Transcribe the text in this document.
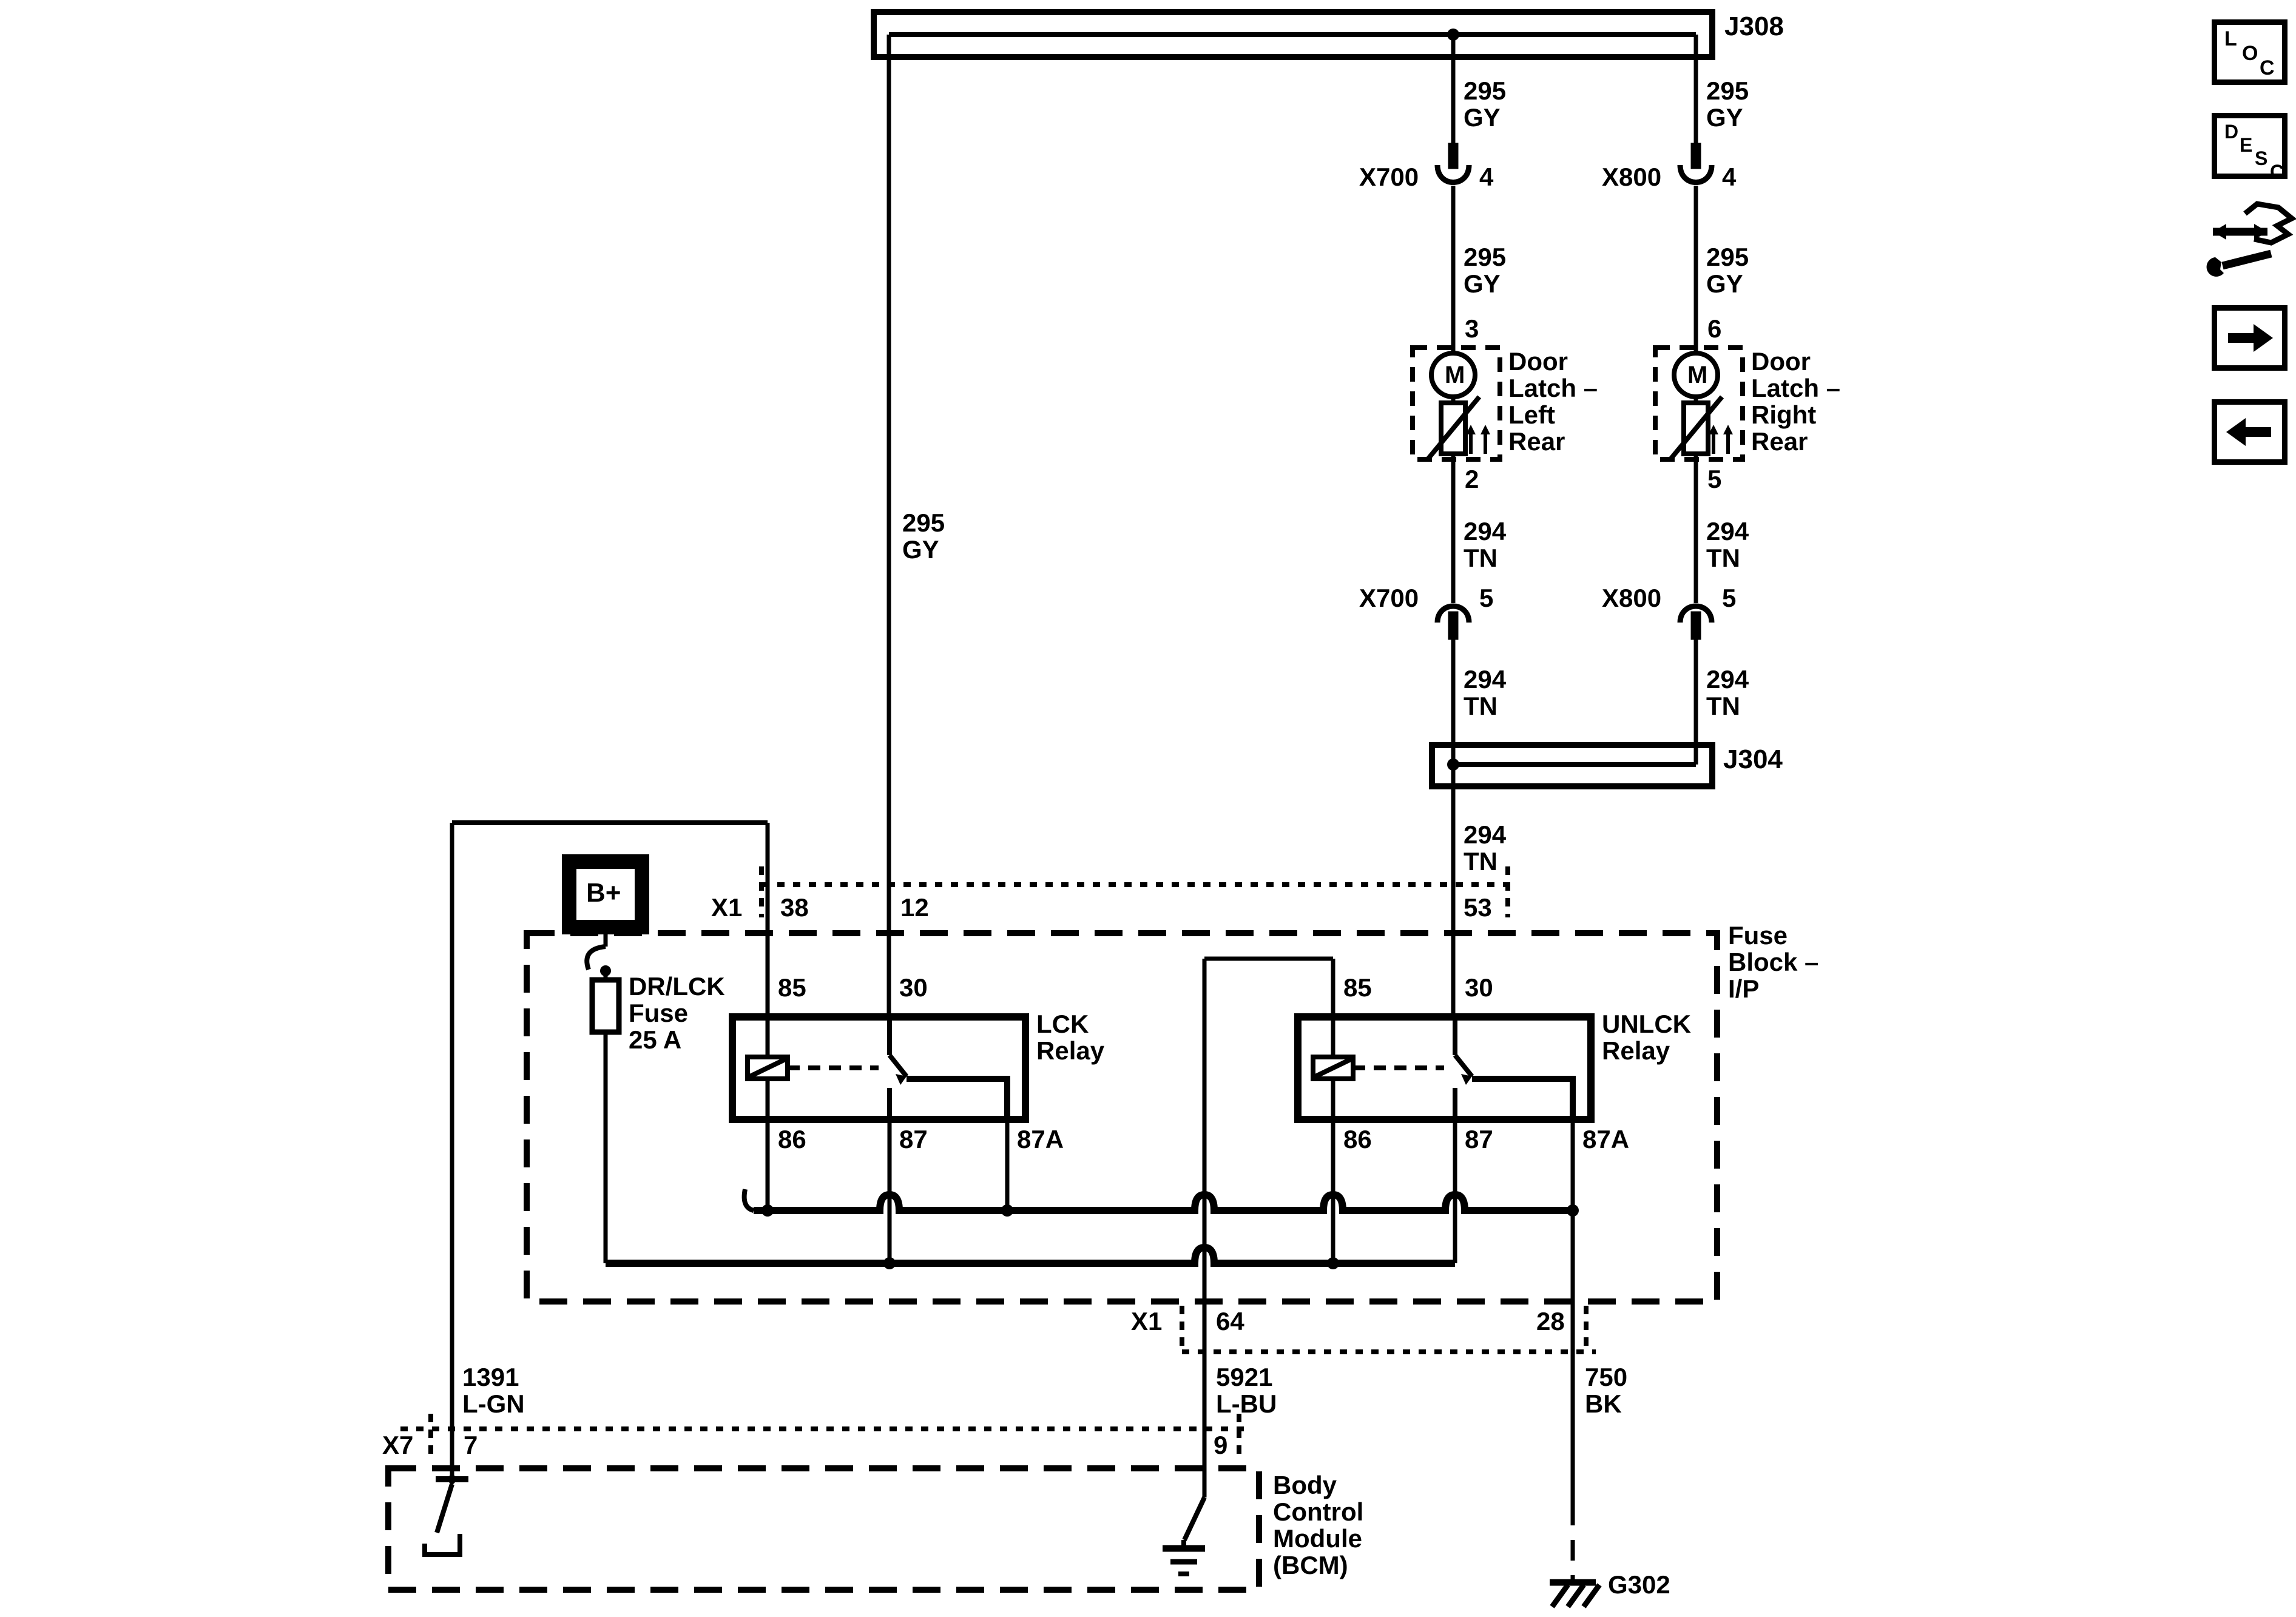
J308
295
GY
295
GY
X700 4	X800 4
295
GY
295
GY
3	6
M	M
Door
Latch –
Left
Rear
Door
Latch –
Right
Rear
2	5
294
TN
294
TN
X700 5	X800 5
294
TN
294
TN
J304
294
TN
295
GY
X1 38	12	53
Fuse
Block –
I/P
B+
DR/LCK
Fuse
25 A
85	30
86	87	87A
LCK
Relay
85	30
86	87	87A
UNLCK
Relay
X1 64	28
1391
L-GN
5921
L-BU
750
BK
X7 7	9
Body
Control
Module
(BCM)
G302
L
O
C
D
E
S
C
